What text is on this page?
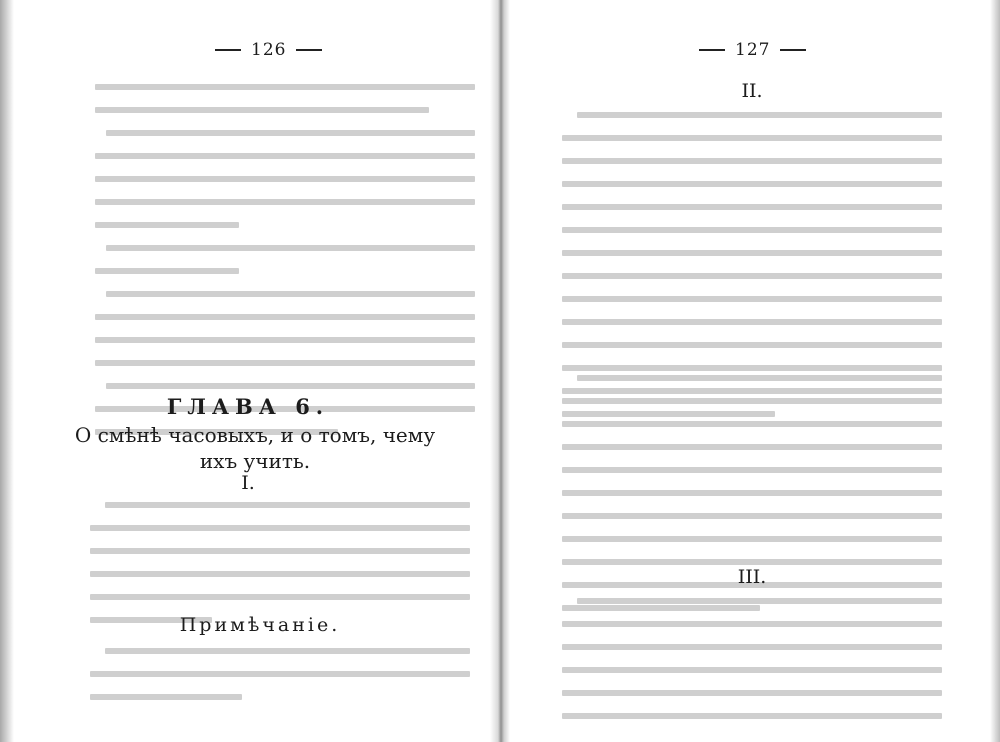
126
ГЛАВА 6.
О смѣнѣ часовыхъ, и о томъ, чему ихъ учить.
I.
Примѣчаніе.
127
II.
III.
